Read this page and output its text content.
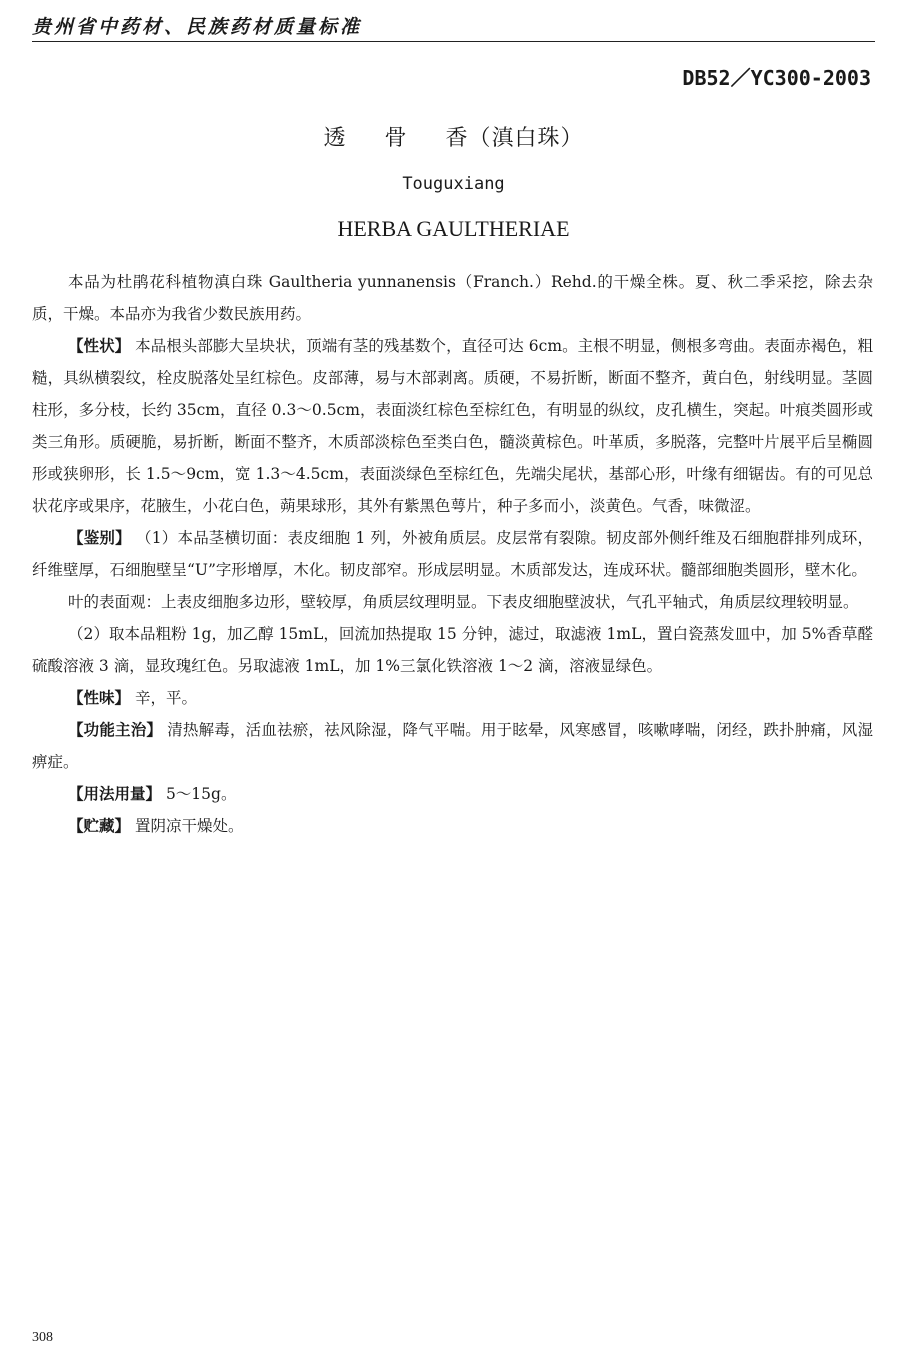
贵州省中药材、民族药材质量标准
DB52／YC300-2003
透 骨 香（滇白珠）
Touguxiang
HERBA GAULTHERIAE

本品为杜鹃花科植物滇白珠 Gaultheria yunnanensis（Franch.）Rehd.的干燥全株。夏、秋二季采挖，除去杂质，干燥。本品亦为我省少数民族用药。

【性状】 本品根头部膨大呈块状，顶端有茎的残基数个，直径可达 6cm。主根不明显，侧根多弯曲。表面赤褐色，粗糙，具纵横裂纹，栓皮脱落处呈红棕色。皮部薄，易与木部剥离。质硬，不易折断，断面不整齐，黄白色，射线明显。茎圆柱形，多分枝，长约 35cm，直径 0.3～0.5cm，表面淡红棕色至棕红色，有明显的纵纹，皮孔横生，突起。叶痕类圆形或类三角形。质硬脆，易折断，断面不整齐，木质部淡棕色至类白色，髓淡黄棕色。叶革质，多脱落，完整叶片展平后呈椭圆形或狭卵形，长 1.5～9cm，宽 1.3～4.5cm，表面淡绿色至棕红色，先端尖尾状，基部心形，叶缘有细锯齿。有的可见总状花序或果序，花腋生，小花白色，蒴果球形，其外有紫黑色萼片，种子多而小，淡黄色。气香，味微涩。

【鉴别】 （1）本品茎横切面：表皮细胞 1 列，外被角质层。皮层常有裂隙。韧皮部外侧纤维及石细胞群排列成环，纤维壁厚，石细胞壁呈“U”字形增厚，木化。韧皮部窄。形成层明显。木质部发达，连成环状。髓部细胞类圆形，壁木化。

叶的表面观：上表皮细胞多边形，壁较厚，角质层纹理明显。下表皮细胞壁波状，气孔平轴式，角质层纹理较明显。

（2）取本品粗粉 1g，加乙醇 15mL，回流加热提取 15 分钟，滤过，取滤液 1mL，置白瓷蒸发皿中，加 5%香草醛硫酸溶液 3 滴，显玫瑰红色。另取滤液 1mL，加 1%三氯化铁溶液 1～2 滴，溶液显绿色。

【性味】 辛，平。

【功能主治】 清热解毒，活血祛瘀，祛风除湿，降气平喘。用于眩晕，风寒感冒，咳嗽哮喘，闭经，跌扑肿痛，风湿痹症。

【用法用量】 5～15g。

【贮藏】 置阴凉干燥处。

308
